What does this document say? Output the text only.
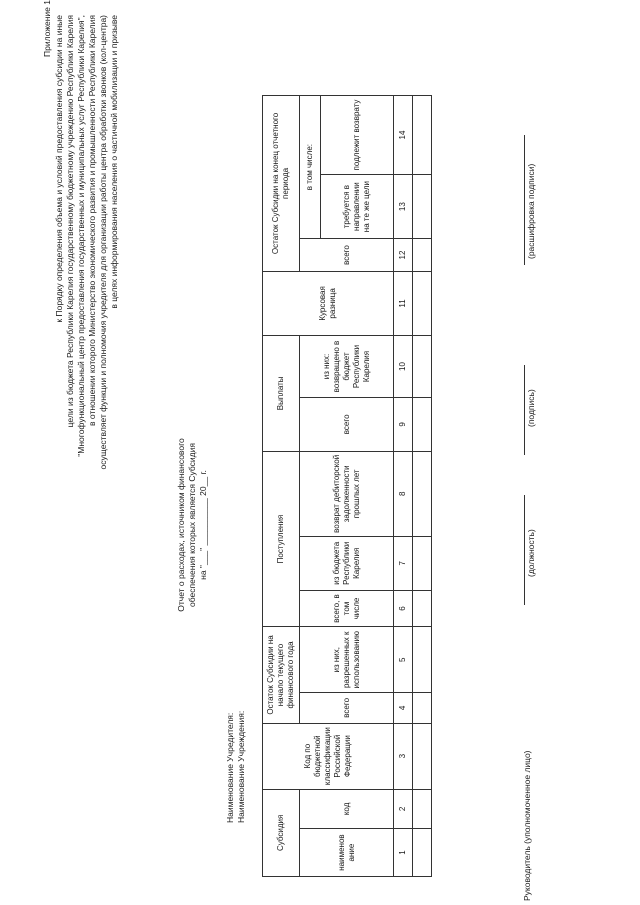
Приложение 1 к Порядку определения объема и условий предоставления субсидии на иные цели из бюджета Республики Карелия государственному бюджетному учреждению Республики Карелия "Многофункциональный центр предоставления государственных и муниципальных услуг Республики Карелия", в отношении которого Министерство экономического развития и промышленности Республики Карелия осуществляет функции и полномочия учредителя для организации работы центра обработки звонков (кол-центра) в целях информирования населения о частичной мобилизации и призыве
Отчет о расходах, источником финансового обеспечения которых является Субсидия на "___" __________ 20__ г.
Наименование Учредителя: Наименование Учреждения:
Субсидия		Код по бюджетной классификации Российской Федерации	Остаток Субсидии на начало текущего финансового года		Поступления			Выплаты		Курсовая разница	Остаток Субсидии на конец отчетного периода		
наименов ание	код		всего	из них, разрешенных к использованию	всего, в том числе	из бюджета Республики Карелия	возврат дебиторской задолженности прошлых лет	всего	из них: возвращено в бюджет Республики Карелия		всего	в том числе:	
												требуется в направлении на те же цели	подлежит возврату
1	2	3	4	5	6	7	8	9	10	11	12	13	14

Руководитель (уполномоченное лицо)
(должность)
(подпись)
(расшифровка подписи)
